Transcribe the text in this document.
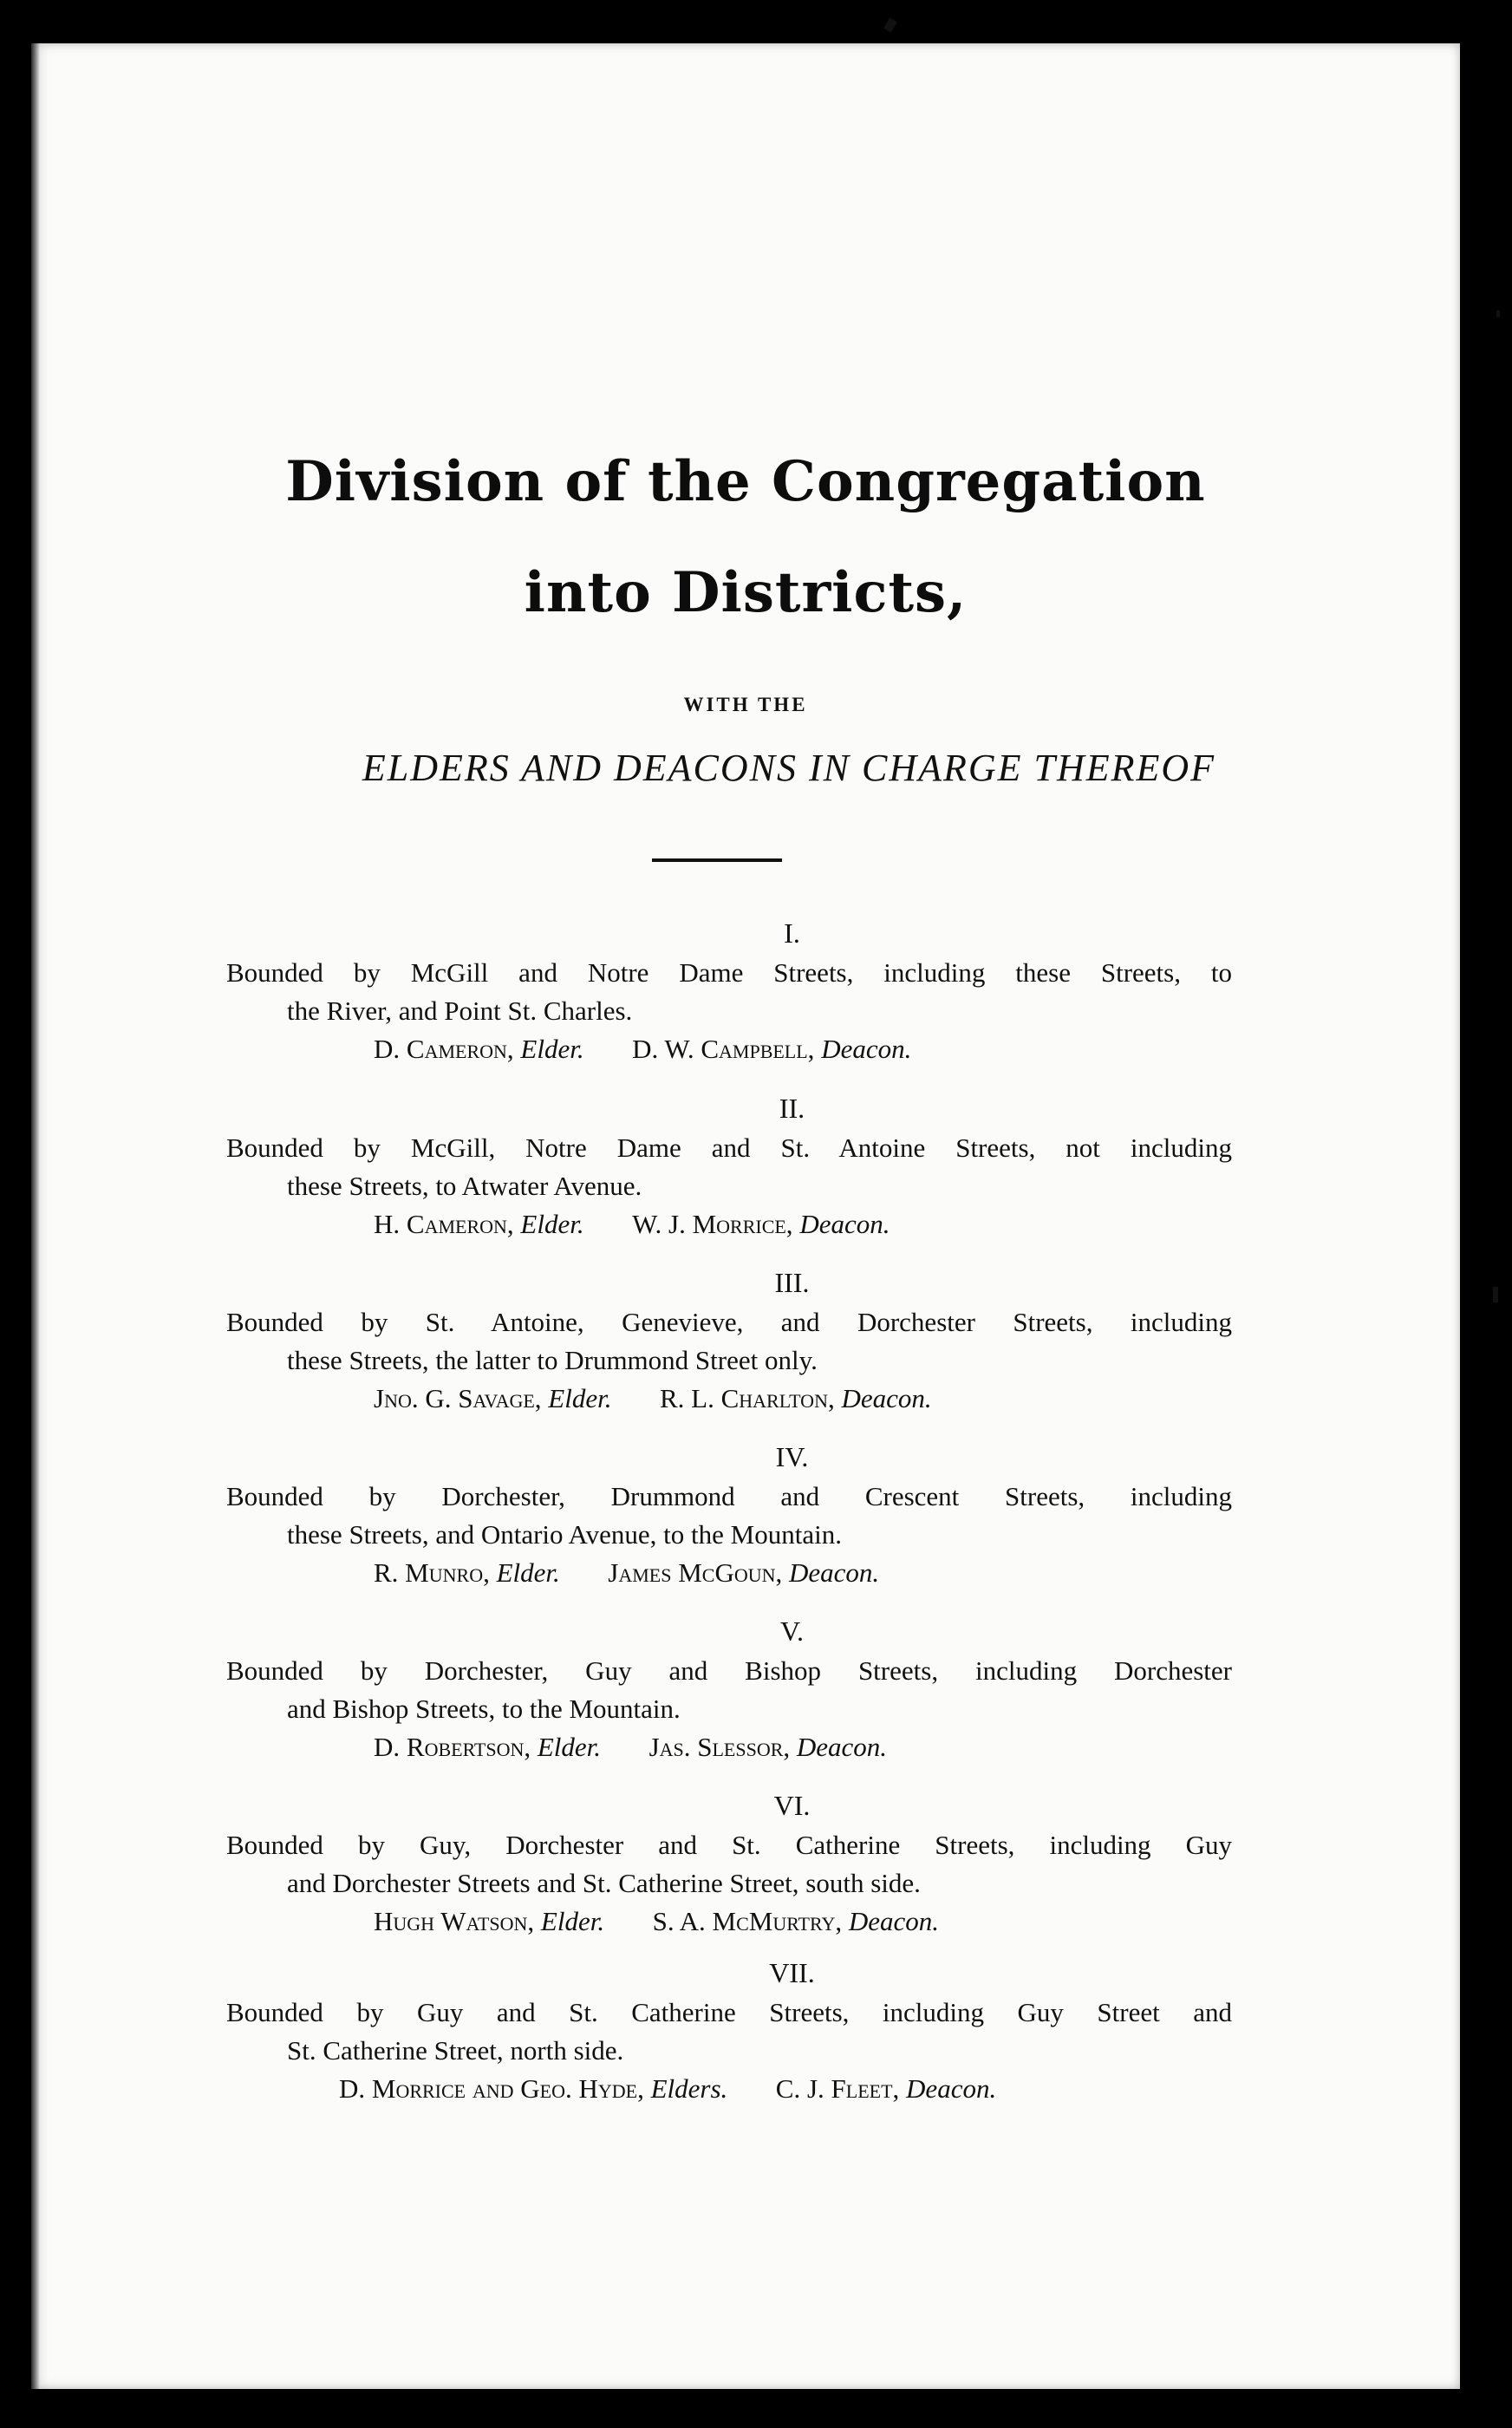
Division of the Congregation
into Districts,
WITH THE
ELDERS AND DEACONS IN CHARGE THEREOF
I.
Bounded by McGill and Notre Dame Streets, including these Streets, to
the River, and Point St. Charles.
D. Cameron, Elder. D. W. Campbell, Deacon.
II.
Bounded by McGill, Notre Dame and St. Antoine Streets, not including
these Streets, to Atwater Avenue.
H. Cameron, Elder. W. J. Morrice, Deacon.
III.
Bounded by St. Antoine, Genevieve, and Dorchester Streets, including
these Streets, the latter to Drummond Street only.
Jno. G. Savage, Elder. R. L. Charlton, Deacon.
IV.
Bounded by Dorchester, Drummond and Crescent Streets, including
these Streets, and Ontario Avenue, to the Mountain.
R. Munro, Elder. James McGoun, Deacon.
V.
Bounded by Dorchester, Guy and Bishop Streets, including Dorchester
and Bishop Streets, to the Mountain.
D. Robertson, Elder. Jas. Slessor, Deacon.
VI.
Bounded by Guy, Dorchester and St. Catherine Streets, including Guy
and Dorchester Streets and St. Catherine Street, south side.
Hugh Watson, Elder. S. A. McMurtry, Deacon.
VII.
Bounded by Guy and St. Catherine Streets, including Guy Street and
St. Catherine Street, north side.
D. Morrice and Geo. Hyde, Elders. C. J. Fleet, Deacon.
